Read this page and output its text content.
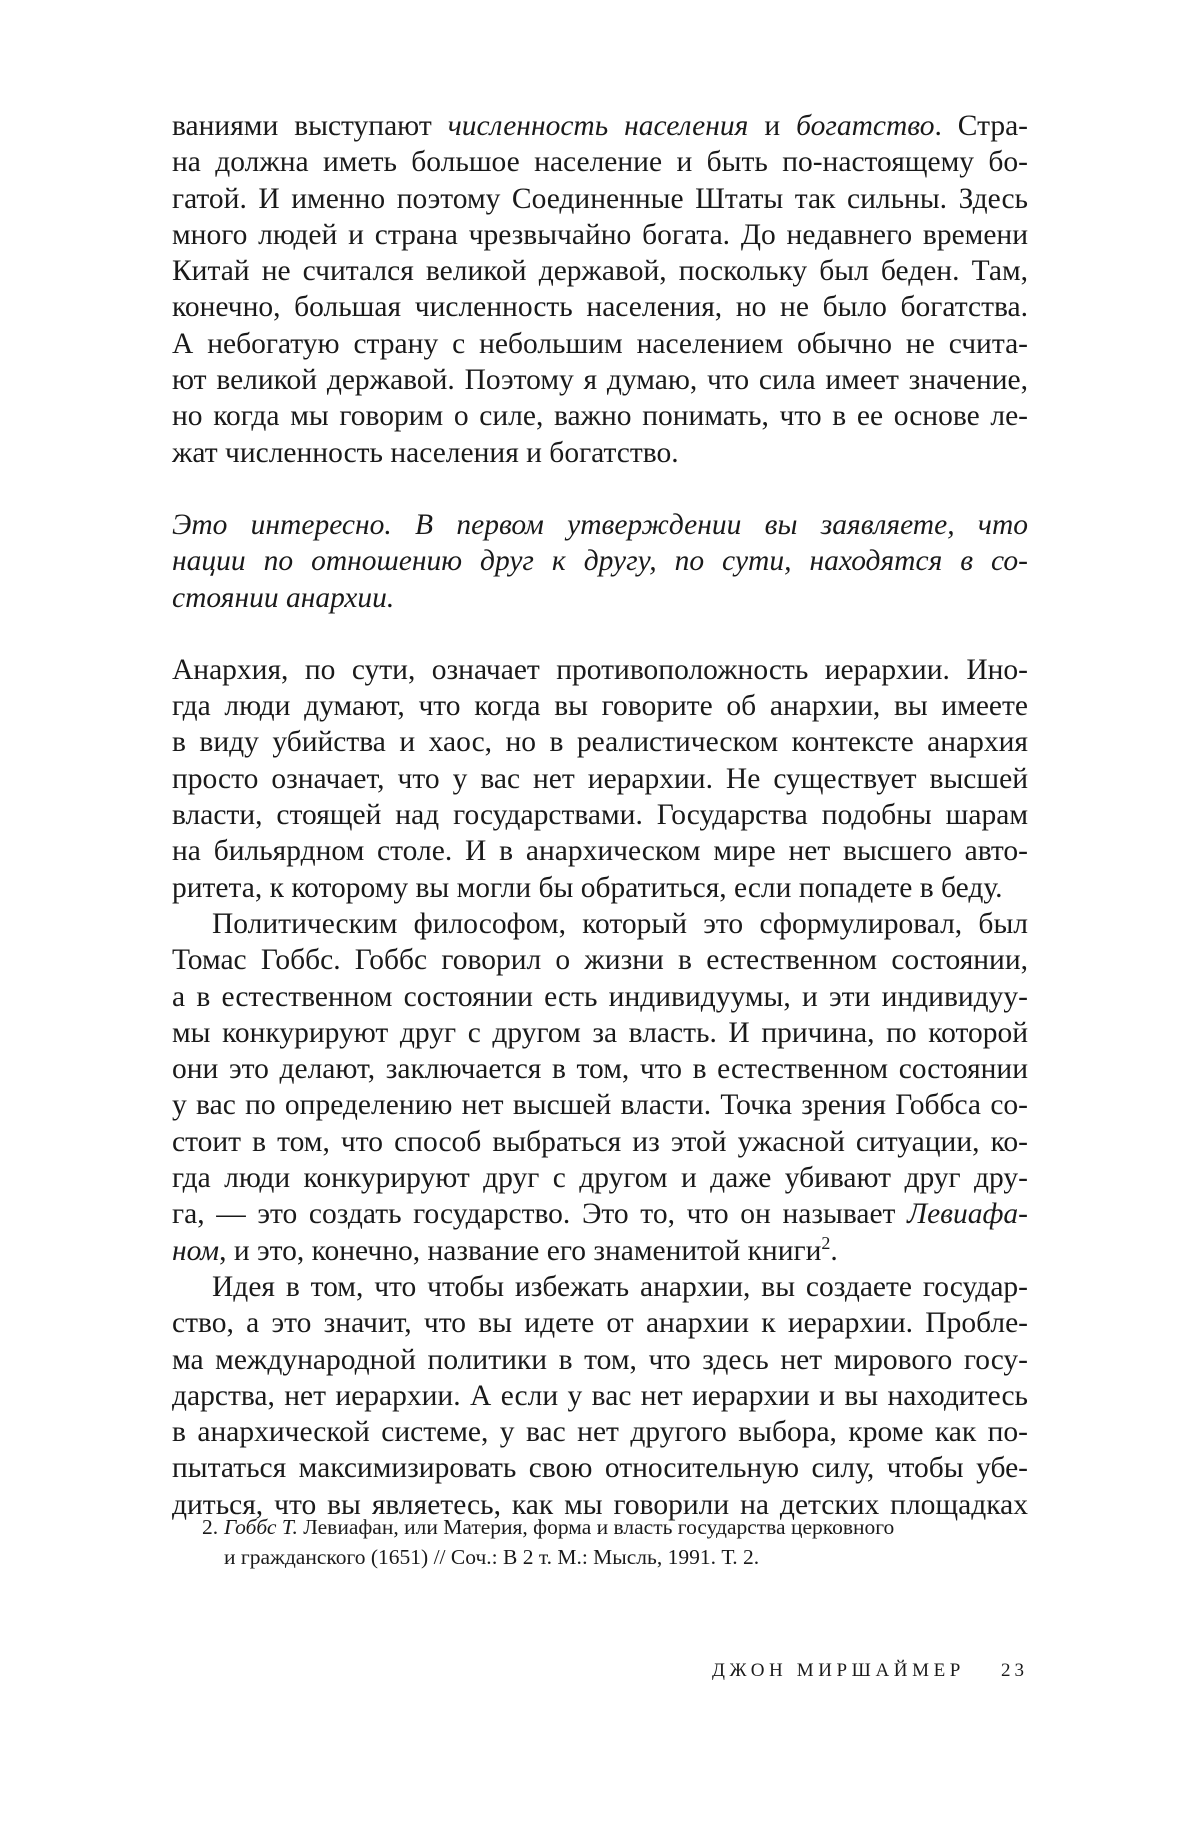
ваниями выступают численность населения и богатство. Стра-
на должна иметь большое население и быть по-настоящему бо-
гатой. И именно поэтому Соединенные Штаты так сильны. Здесь
много людей и страна чрезвычайно богата. До недавнего времени
Китай не считался великой державой, поскольку был беден. Там,
конечно, большая численность населения, но не было богатства.
А небогатую страну с небольшим населением обычно не счита-
ют великой державой. Поэтому я думаю, что сила имеет значение,
но когда мы говорим о силе, важно понимать, что в ее основе ле-
жат численность населения и богатство.
Это интересно. В первом утверждении вы заявляете, что
нации по отношению друг к другу, по сути, находятся в со-
стоянии анархии.
Анархия, по сути, означает противоположность иерархии. Ино-
гда люди думают, что когда вы говорите об анархии, вы имеете
в виду убийства и хаос, но в реалистическом контексте анархия
просто означает, что у вас нет иерархии. Не существует высшей
власти, стоящей над государствами. Государства подобны шарам
на бильярдном столе. И в анархическом мире нет высшего авто-
ритета, к которому вы могли бы обратиться, если попадете в беду.
Политическим философом, который это сформулировал, был
Томас Гоббс. Гоббс говорил о жизни в естественном состоянии,
а в естественном состоянии есть индивидуумы, и эти индивидуу-
мы конкурируют друг с другом за власть. И причина, по которой
они это делают, заключается в том, что в естественном состоянии
у вас по определению нет высшей власти. Точка зрения Гоббса со-
стоит в том, что способ выбраться из этой ужасной ситуации, ко-
гда люди конкурируют друг с другом и даже убивают друг дру-
га, — это создать государство. Это то, что он называет Левиафа-
ном, и это, конечно, название его знаменитой книги$^2$.
Идея в том, что чтобы избежать анархии, вы создаете государ-
ство, а это значит, что вы идете от анархии к иерархии. Пробле-
ма международной политики в том, что здесь нет мирового госу-
дарства, нет иерархии. А если у вас нет иерархии и вы находитесь
в анархической системе, у вас нет другого выбора, кроме как по-
пытаться максимизировать свою относительную силу, чтобы убе-
диться, что вы являетесь, как мы говорили на детских площадках
2. Гоббс Т. Левиафан, или Материя, форма и власть государства церковного
и гражданского (1651) // Соч.: В 2 т. М.: Мысль, 1991. Т. 2.
ДЖОН МИРШАЙМЕР 23
